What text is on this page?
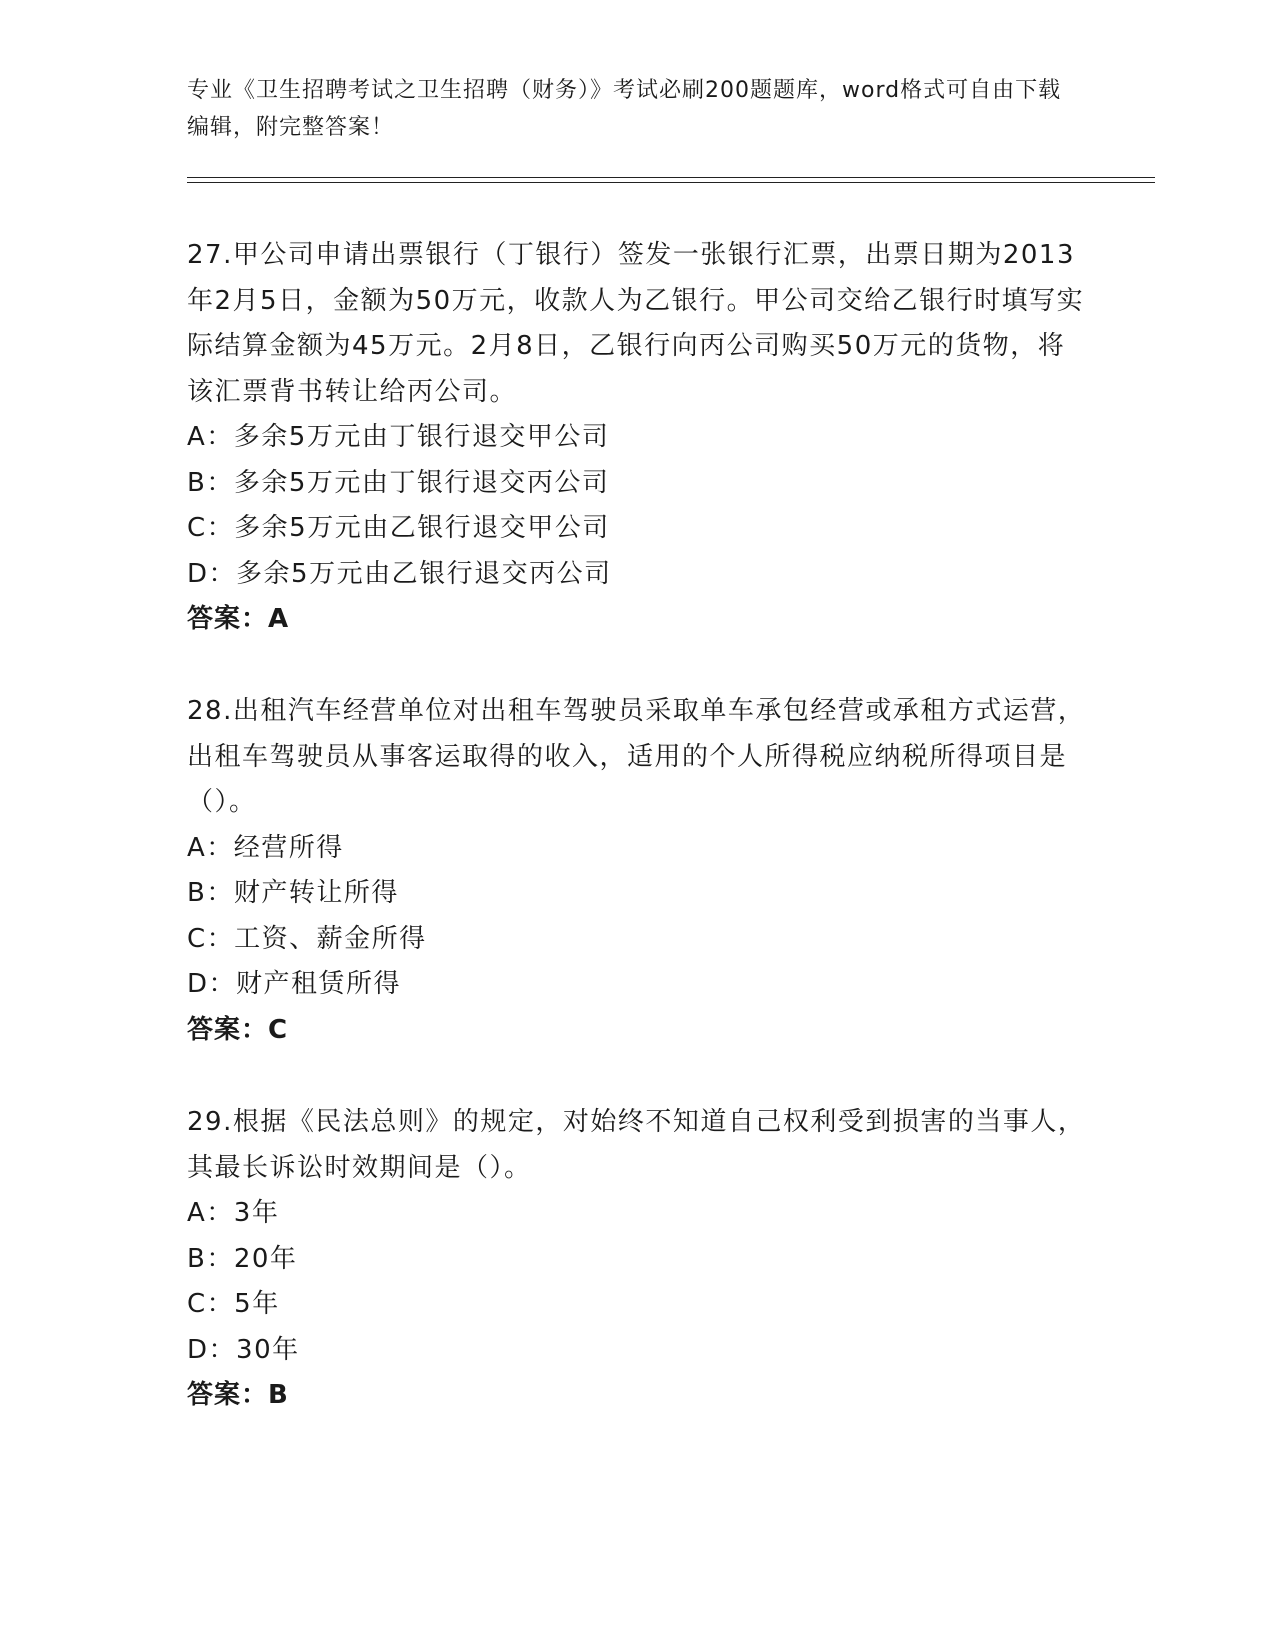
专业《卫生招聘考试之卫生招聘（财务）》考试必刷200题题库，word格式可自由下载编辑，附完整答案！
27.甲公司申请出票银行（丁银行）签发一张银行汇票，出票日期为2013年2月5日，金额为50万元，收款人为乙银行。甲公司交给乙银行时填写实际结算金额为45万元。2月8日，乙银行向丙公司购买50万元的货物，将该汇票背书转让给丙公司。
A：多余5万元由丁银行退交甲公司
B：多余5万元由丁银行退交丙公司
C：多余5万元由乙银行退交甲公司
D：多余5万元由乙银行退交丙公司
答案：A
28.出租汽车经营单位对出租车驾驶员采取单车承包经营或承租方式运营，出租车驾驶员从事客运取得的收入，适用的个人所得税应纳税所得项目是（）。
A：经营所得
B：财产转让所得
C：工资、薪金所得
D：财产租赁所得
答案：C
29.根据《民法总则》的规定，对始终不知道自己权利受到损害的当事人，其最长诉讼时效期间是（）。
A：3年
B：20年
C：5年
D：30年
答案：B
